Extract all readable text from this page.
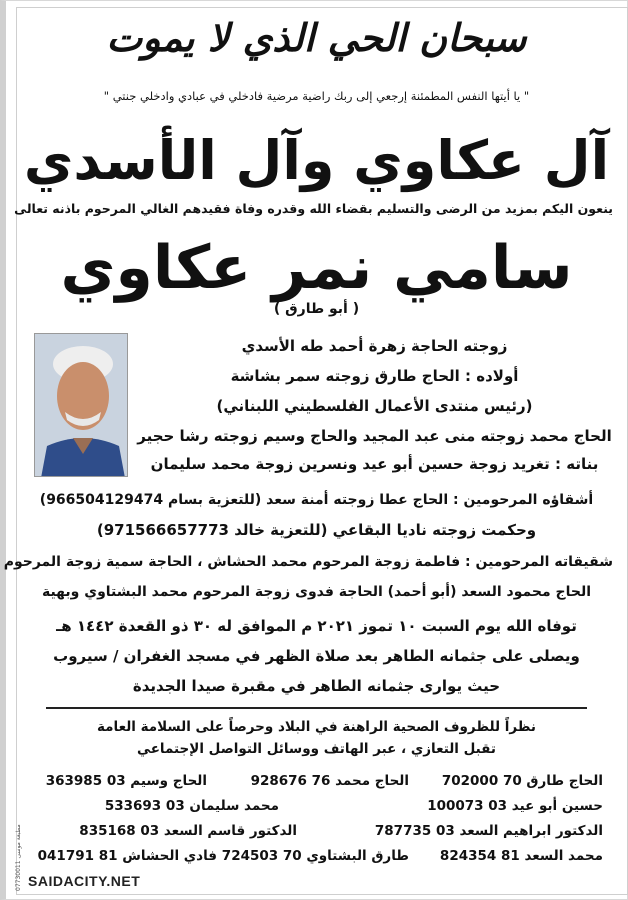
سبحان الحي الذي لا يموت
" يا أيتها النفس المطمئنة إرجعي إلى ربك راضية مرضية فادخلي في عبادي وادخلي جنتي "
آل عكاوي وآل الأسدي
ينعون اليكم بمزيد من الرضى والتسليم بقضاء الله وقدره وفاة فقيدهم الغالي المرحوم باذنه تعالى
سامي نمر عكاوي
( أبو طارق )
زوجته الحاجة زهرة أحمد طه الأسدي
أولاده : الحاج طارق زوجته سمر بشاشة
(رئيس منتدى الأعمال الفلسطيني اللبناني)
الحاج محمد زوجته منى عبد المجيد والحاج وسيم زوجته رشا حجير
بناته : تغريد زوجة حسين أبو عيد ونسرين زوجة محمد سليمان
أشقاؤه المرحومين : الحاج عطا زوجته أمنة سعد (للتعزية بسام 966504129474)
وحكمت زوجته ناديا البقاعي (للتعزية خالد 971566657773)
شقيقاته المرحومين : فاطمة زوجة المرحوم محمد الحشاش ، الحاجة سمية زوجة المرحوم
الحاج محمود السعد (أبو أحمد) الحاجة فدوى زوجة المرحوم محمد البشتاوي وبهية
توفاه الله يوم السبت ١٠ تموز ٢٠٢١ م الموافق له ٣٠ ذو القعدة ١٤٤٢ هـ
ويصلى على جثمانه الطاهر بعد صلاة الظهر في مسجد الغفران / سيروب
حيث يوارى جثمانه الطاهر في مقبرة صيدا الجديدة
نظراً للظروف الصحية الراهنة في البلاد وحرصاً على السلامة العامة
تقبل التعازي ، عبر الهاتف ووسائل التواصل الإجتماعي
الحاج طارق 70 702000
الحاج محمد 76 928676
الحاج وسيم 03 363985
حسين أبو عيد 03 100073
محمد سليمان 03 533693
الدكتور ابراهيم السعد 03 787735
الدكتور قاسم السعد 03 835168
محمد السعد 81 824354
طارق البشتاوي 70 724503
فادي الحشاش 81 041791
مطبعة موسى 07730011
SAIDACITY.NET
